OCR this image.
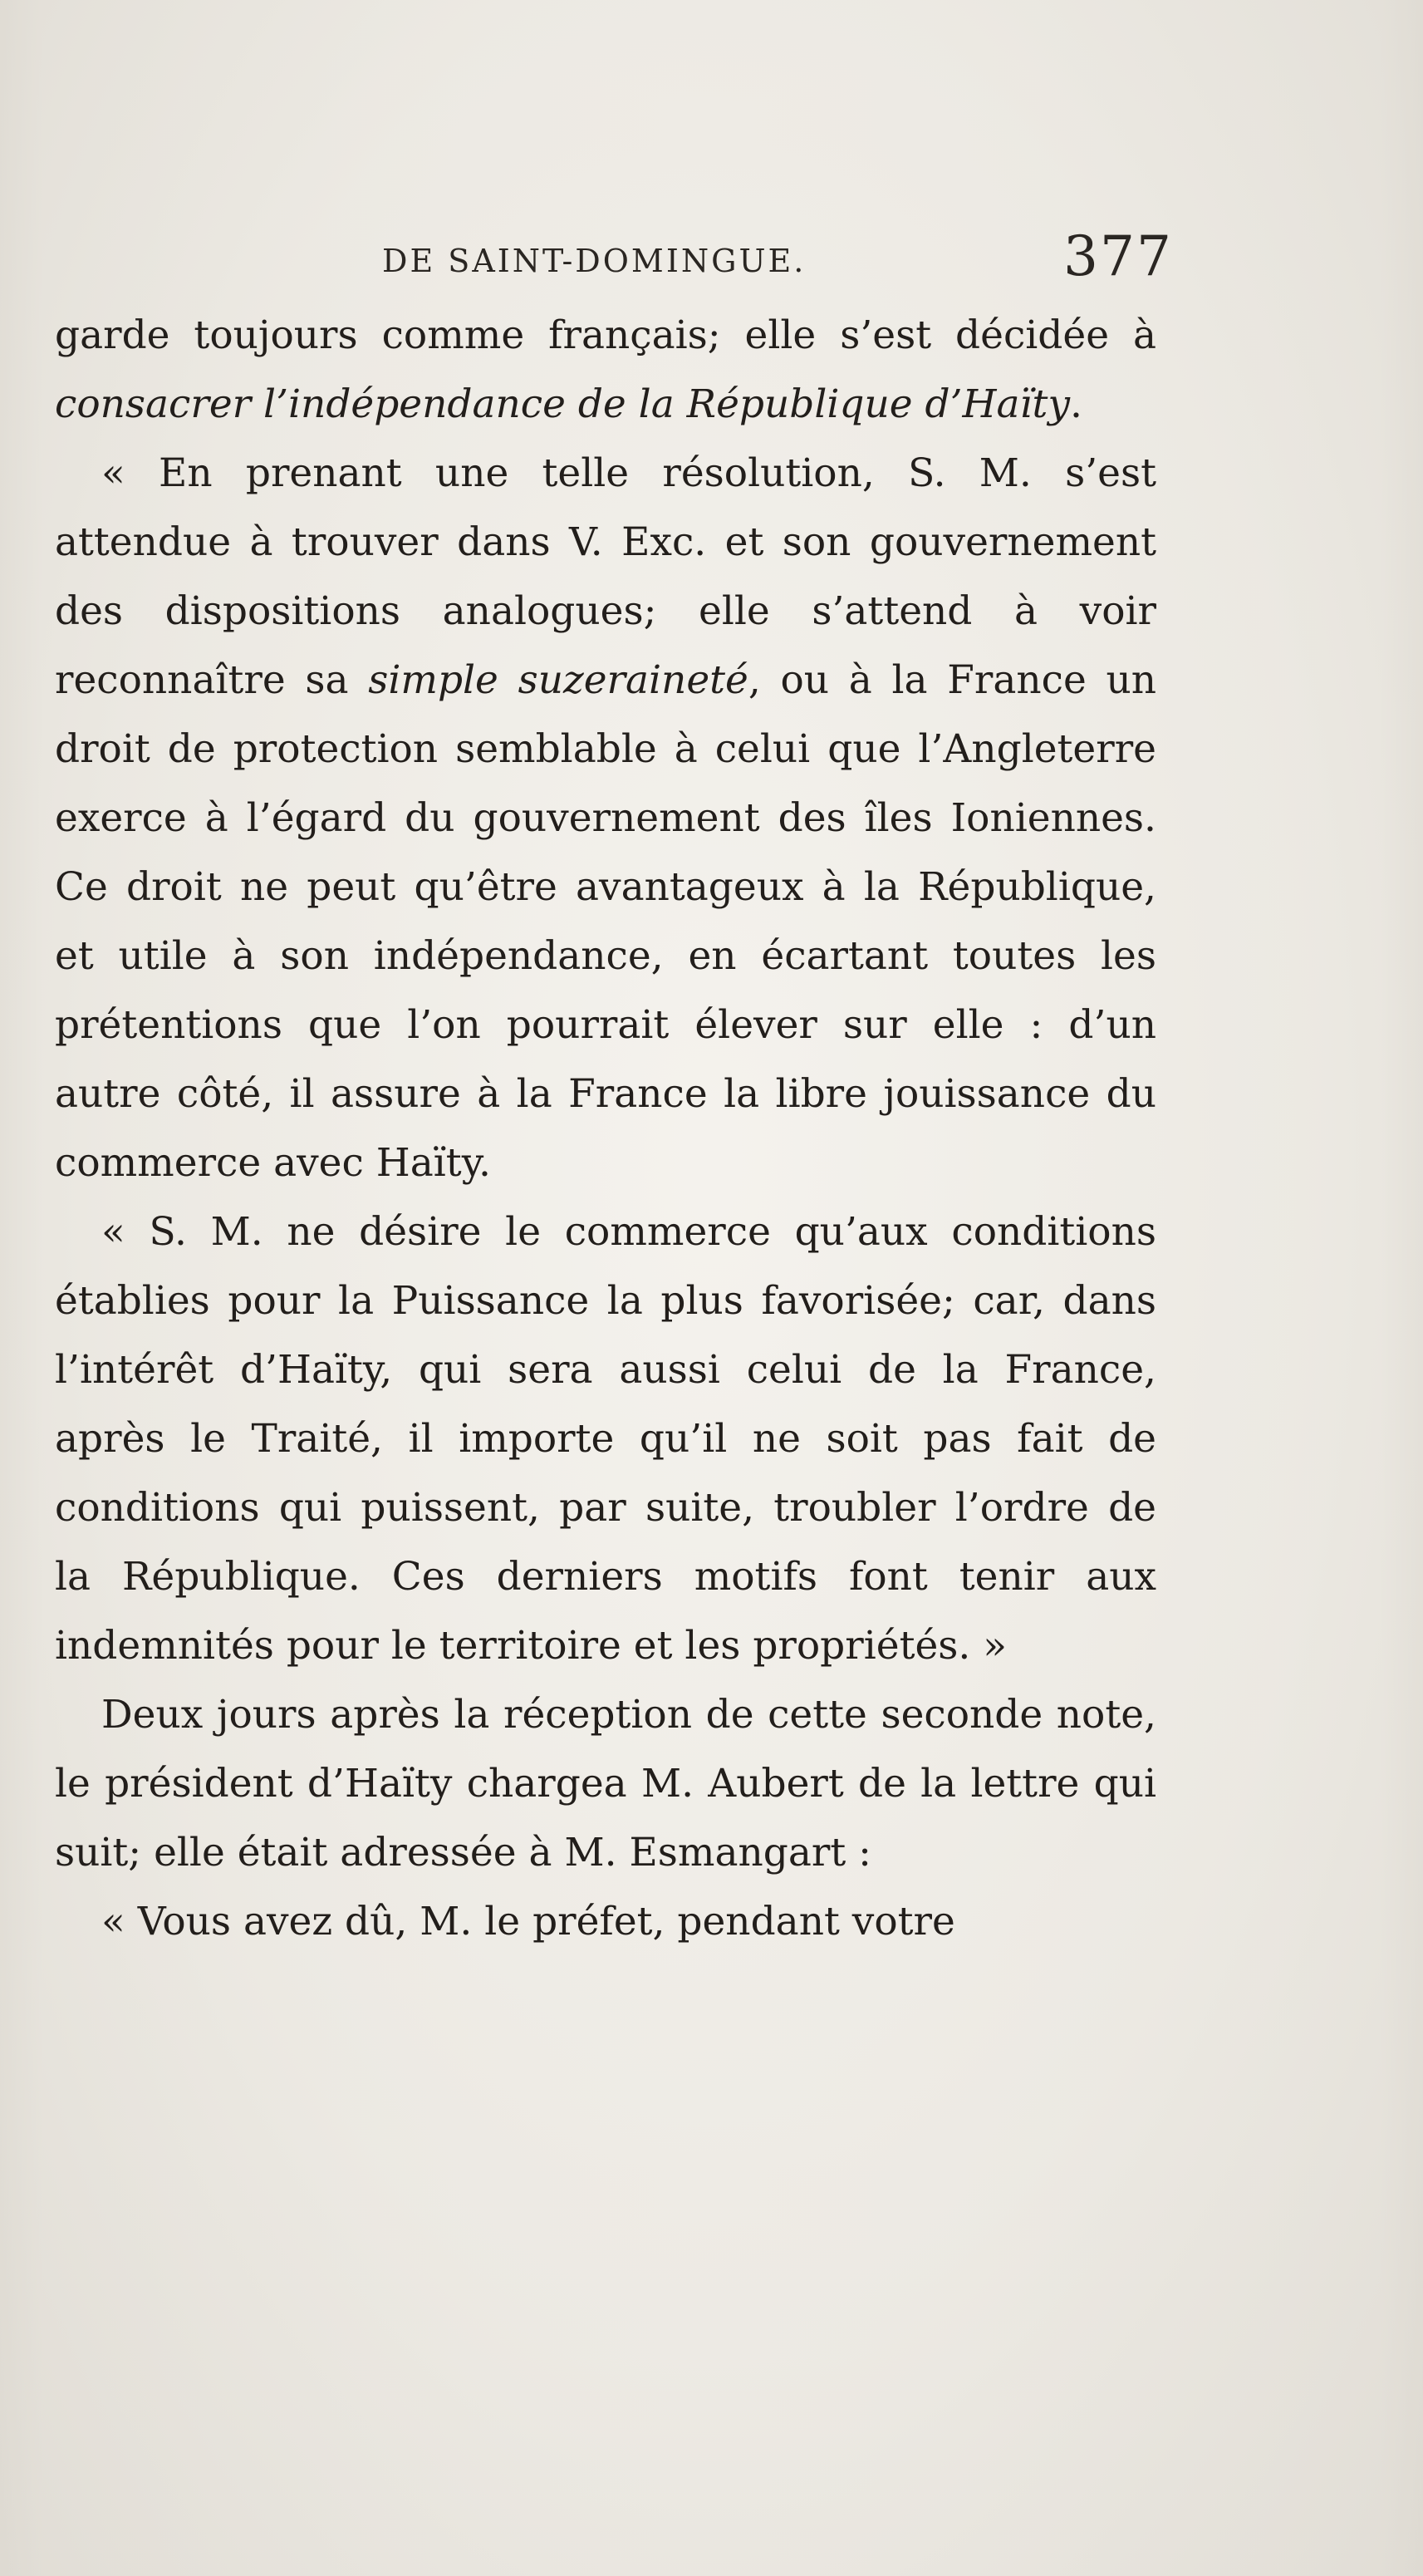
DE SAINT-DOMINGUE.	377

garde toujours comme français; elle s’est décidée à consacrer l’indépendance de la République d’Haïty.

« En prenant une telle résolution, S. M. s’est attendue à trouver dans V. Exc. et son gouvernement des dispositions analogues; elle s’attend à voir reconnaître sa simple suzeraineté, ou à la France un droit de protection semblable à celui que l’Angleterre exerce à l’égard du gouvernement des îles Ioniennes. Ce droit ne peut qu’être avantageux à la République, et utile à son indépendance, en écartant toutes les prétentions que l’on pourrait élever sur elle : d’un autre côté, il assure à la France la libre jouissance du commerce avec Haïty.

« S. M. ne désire le commerce qu’aux conditions établies pour la Puissance la plus favorisée; car, dans l’intérêt d’Haïty, qui sera aussi celui de la France, après le Traité, il importe qu’il ne soit pas fait de conditions qui puissent, par suite, troubler l’ordre de la République. Ces derniers motifs font tenir aux indemnités pour le territoire et les propriétés. »

Deux jours après la réception de cette seconde note, le président d’Haïty chargea M. Aubert de la lettre qui suit; elle était adressée à M. Esmangart :

« Vous avez dû, M. le préfet, pendant votre
